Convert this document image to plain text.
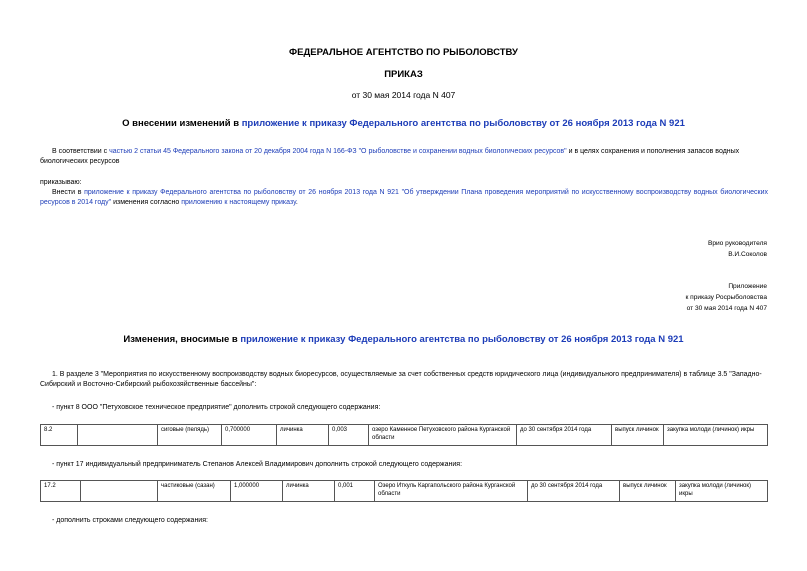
ФЕДЕРАЛЬНОЕ АГЕНТСТВО ПО РЫБОЛОВСТВУ
ПРИКАЗ
от 30 мая 2014 года N 407
О внесении изменений в приложение к приказу Федерального агентства по рыболовству от 26 ноября 2013 года N 921
В соответствии с частью 2 статьи 45 Федерального закона от 20 декабря 2004 года N 166-ФЗ "О рыболовстве и сохранении водных биологических ресурсов" и в целях сохранения и пополнения запасов водных биологических ресурсов
приказываю:
Внести в приложение к приказу Федерального агентства по рыболовству от 26 ноября 2013 года N 921 "Об утверждении Плана проведения мероприятий по искусственному воспроизводству водных биологических ресурсов в 2014 году" изменения согласно приложению к настоящему приказу.
Врио руководителя
В.И.Соколов
Приложение
к приказу Росрыболовства
от 30 мая 2014 года N 407
Изменения, вносимые в приложение к приказу Федерального агентства по рыболовству от 26 ноября 2013 года N 921
1. В разделе 3 "Мероприятия по искусственному воспроизводству водных биоресурсов, осуществляемые за счет собственных средств юридического лица (индивидуального предпринимателя) в таблице 3.5 "Западно-Сибирский и Восточно-Сибирский рыбохозяйственные бассейны":
- пункт 8 ООО "Петуховское техническое предприятие" дополнить строкой следующего содержания:
8.2		сиговые (пелядь)	0,700000	личинка	0,003	озеро Каменное Петуховского района Курганской области	до 30 сентября 2014 года	выпуск личинок	закупка молоди (личинок) икры
- пункт 17 индивидуальный предприниматель Степанов Алексей Владимирович дополнить строкой следующего содержания:
17.2		частиковые (сазан)	1,000000	личинка	0,001	Озеро Иткуль Каргапольского района Курганской области	до 30 сентября 2014 года	выпуск личинок	закупка молоди (личинок) икры
- дополнить строками следующего содержания:
